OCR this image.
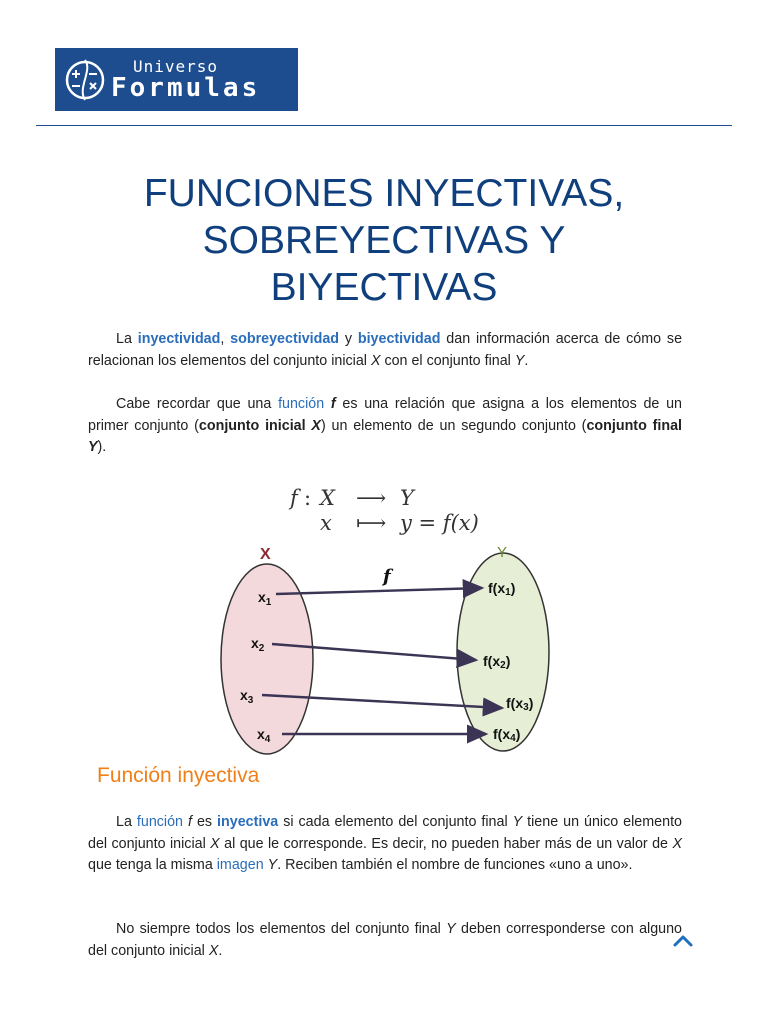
Universo
Formulas
FUNCIONES INYECTIVAS,
SOBREYECTIVAS Y
BIYECTIVAS

La inyectividad, sobreyectividad y biyectividad dan información acerca de cómo se relacionan los elementos del conjunto inicial X con el conjunto final Y.

Cabe recordar que una función f es una relación que asigna a los elementos de un primer conjunto (conjunto inicial X) un elemento de un segundo conjunto (conjunto final Y).

f : X ⟶ Y
x ⟼ y = f(x)
X	Y
f
$x_1$
$x_2$
$x_3$
$x_4$
f(x1)
f(x2)
f(x3)
f(x4)
Función inyectiva

La función f es inyectiva si cada elemento del conjunto final Y tiene un único elemento del conjunto inicial X al que le corresponde. Es decir, no pueden haber más de un valor de X que tenga la misma imagen Y. Reciben también el nombre de funciones «uno a uno».

No siempre todos los elementos del conjunto final Y deben corresponderse con alguno del conjunto inicial X.
